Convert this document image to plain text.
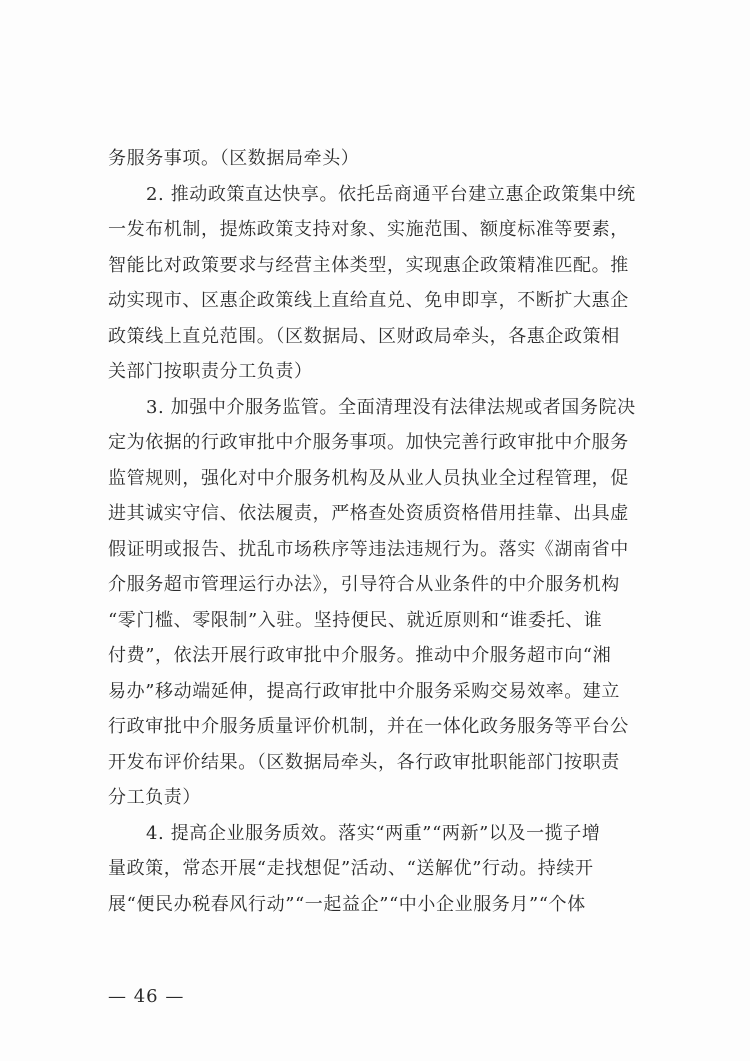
务服务事项。（区数据局牵头）
2. 推动政策直达快享。依托岳商通平台建立惠企政策集中统
一发布机制，提炼政策支持对象、实施范围、额度标准等要素，
智能比对政策要求与经营主体类型，实现惠企政策精准匹配。推
动实现市、区惠企政策线上直给直兑、免申即享，不断扩大惠企
政策线上直兑范围。（区数据局、区财政局牵头，各惠企政策相
关部门按职责分工负责）
3. 加强中介服务监管。全面清理没有法律法规或者国务院决
定为依据的行政审批中介服务事项。加快完善行政审批中介服务
监管规则，强化对中介服务机构及从业人员执业全过程管理，促
进其诚实守信、依法履责，严格查处资质资格借用挂靠、出具虚
假证明或报告、扰乱市场秩序等违法违规行为。落实《湖南省中
介服务超市管理运行办法》，引导符合从业条件的中介服务机构
“零门槛、零限制”入驻。坚持便民、就近原则和“谁委托、谁
付费”，依法开展行政审批中介服务。推动中介服务超市向“湘
易办”移动端延伸，提高行政审批中介服务采购交易效率。建立
行政审批中介服务质量评价机制，并在一体化政务服务等平台公
开发布评价结果。（区数据局牵头，各行政审批职能部门按职责
分工负责）
4. 提高企业服务质效。落实“两重”“两新”以及一揽子增
量政策，常态开展“走找想促”活动、“送解优”行动。持续开
展“便民办税春风行动”“一起益企”“中小企业服务月”“个体
— 46 —
